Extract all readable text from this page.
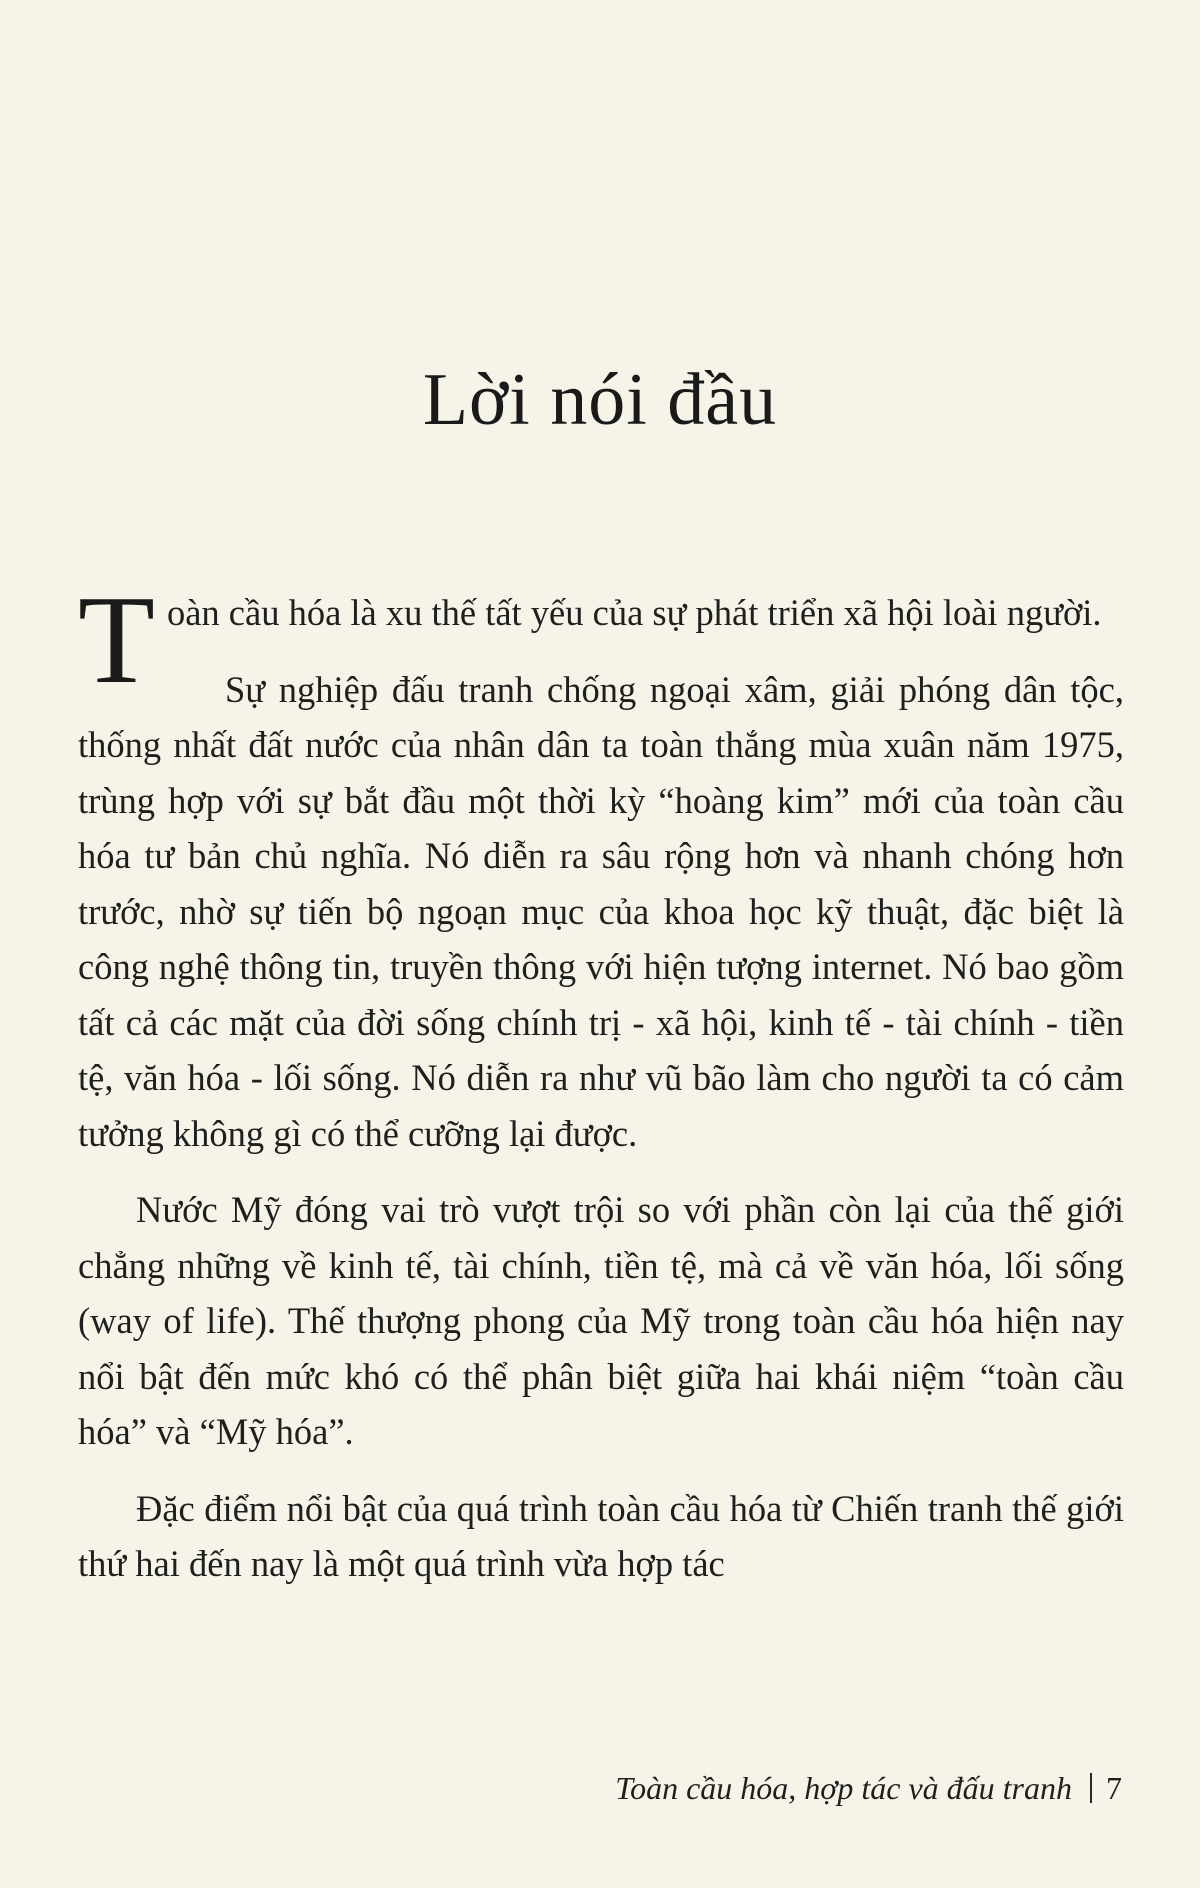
Lời nói đầu

Toàn cầu hóa là xu thế tất yếu của sự phát triển xã hội loài người.

Sự nghiệp đấu tranh chống ngoại xâm, giải phóng dân tộc, thống nhất đất nước của nhân dân ta toàn thắng mùa xuân năm 1975, trùng hợp với sự bắt đầu một thời kỳ “hoàng kim” mới của toàn cầu hóa tư bản chủ nghĩa. Nó diễn ra sâu rộng hơn và nhanh chóng hơn trước, nhờ sự tiến bộ ngoạn mục của khoa học kỹ thuật, đặc biệt là công nghệ thông tin, truyền thông với hiện tượng internet. Nó bao gồm tất cả các mặt của đời sống chính trị - xã hội, kinh tế - tài chính - tiền tệ, văn hóa - lối sống. Nó diễn ra như vũ bão làm cho người ta có cảm tưởng không gì có thể cưỡng lại được.

Nước Mỹ đóng vai trò vượt trội so với phần còn lại của thế giới chẳng những về kinh tế, tài chính, tiền tệ, mà cả về văn hóa, lối sống (way of life). Thế thượng phong của Mỹ trong toàn cầu hóa hiện nay nổi bật đến mức khó có thể phân biệt giữa hai khái niệm “toàn cầu hóa” và “Mỹ hóa”.

Đặc điểm nổi bật của quá trình toàn cầu hóa từ Chiến tranh thế giới thứ hai đến nay là một quá trình vừa hợp tác

Toàn cầu hóa, hợp tác và đấu tranh 7
